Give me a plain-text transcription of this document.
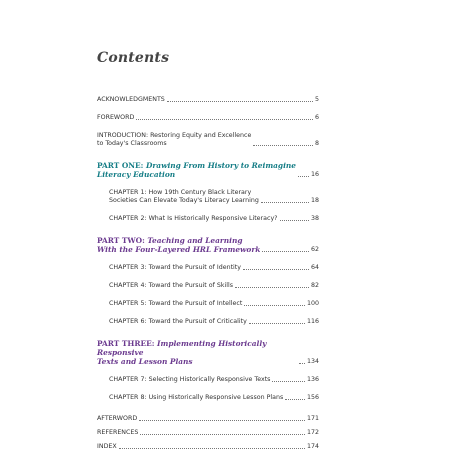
Contents
ACKNOWLEDGMENTS	5
FOREWORD	6
INTRODUCTION: Restoring Equity and Excellence
to Today's Classrooms	8
PART ONE: Drawing From History to Reimagine
Literacy Education	16
CHAPTER 1: How 19th Century Black Literary
Societies Can Elevate Today's Literacy Learning	18
CHAPTER 2: What Is Historically Responsive Literacy?	38
PART TWO: Teaching and Learning
With the Four-Layered HRL Framework	62
CHAPTER 3: Toward the Pursuit of Identity	64
CHAPTER 4: Toward the Pursuit of Skills	82
CHAPTER 5: Toward the Pursuit of Intellect	100
CHAPTER 6: Toward the Pursuit of Criticality	116
PART THREE: Implementing Historically Responsive
Texts and Lesson Plans	134
CHAPTER 7: Selecting Historically Responsive Texts	136
CHAPTER 8: Using Historically Responsive Lesson Plans	156
AFTERWORD	171
REFERENCES	172
INDEX	174
